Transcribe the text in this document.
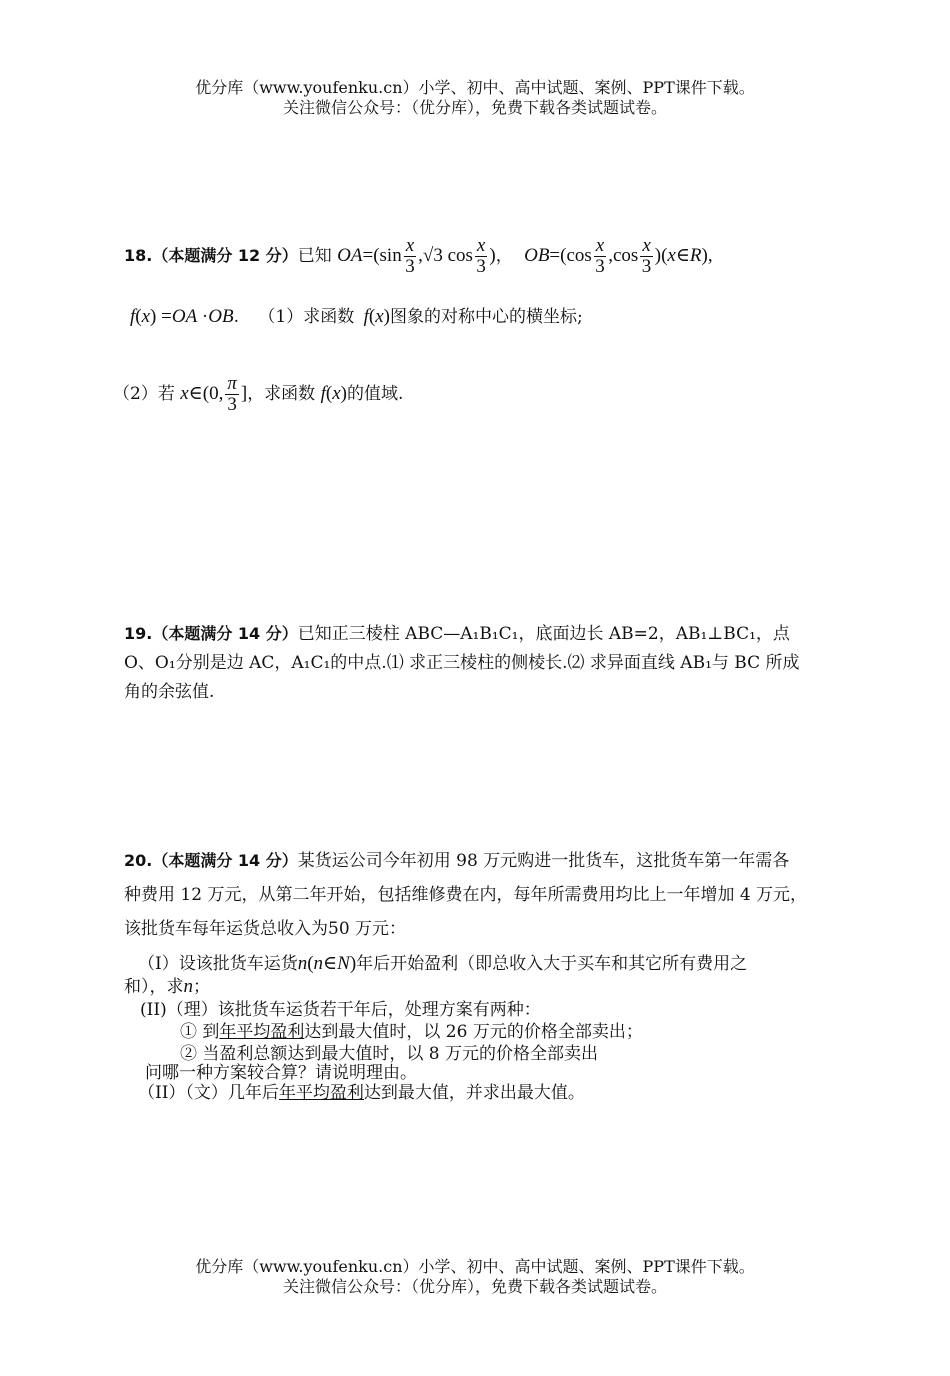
优分库（www.youfenku.cn）小学、初中、高中试题、案例、PPT课件下载。
关注微信公众号：（优分库），免费下载各类试题试卷。
18.（本题满分 12 分）已知 $OA=(\sin \frac{x}{3} ,√3$ $\cos \frac{x}{3}$ )， $OB=(\cos \frac{x}{3} ,\cos \frac{x}{3}$ )(x∈R),
f(x) =OA ·OB. （1）求函数 f(x)图象的对称中心的横坐标;
（2）若 x∈(0, $\frac{\pi}{3}$ ]，求函数 f(x)的值域.
19.（本题满分 14 分）已知正三棱柱 ABC—A₁B₁C₁，底面边长 AB=2，AB₁⊥BC₁，点
O、O₁分别是边 AC，A₁C₁的中点.⑴ 求正三棱柱的侧棱长.⑵ 求异面直线 AB₁与 BC 所成
角的余弦值.
20.（本题满分 14 分）某货运公司今年初用 98 万元购进一批货车，这批货车第一年需各
种费用 12 万元，从第二年开始，包括维修费在内，每年所需费用均比上一年增加 4 万元，
该批货车每年运货总收入为50 万元：
（I）设该批货车运货n(n∈N)年后开始盈利（即总收入大于买车和其它所有费用之
和），求n；
(II)（理）该批货车运货若干年后，处理方案有两种：
① 到年平均盈利达到最大值时，以 26 万元的价格全部卖出；
② 当盈利总额达到最大值时，以 8 万元的价格全部卖出
问哪一种方案较合算？请说明理由。
（II）（文）几年后年平均盈利达到最大值，并求出最大值。
优分库（www.youfenku.cn）小学、初中、高中试题、案例、PPT课件下载。
关注微信公众号：（优分库），免费下载各类试题试卷。
